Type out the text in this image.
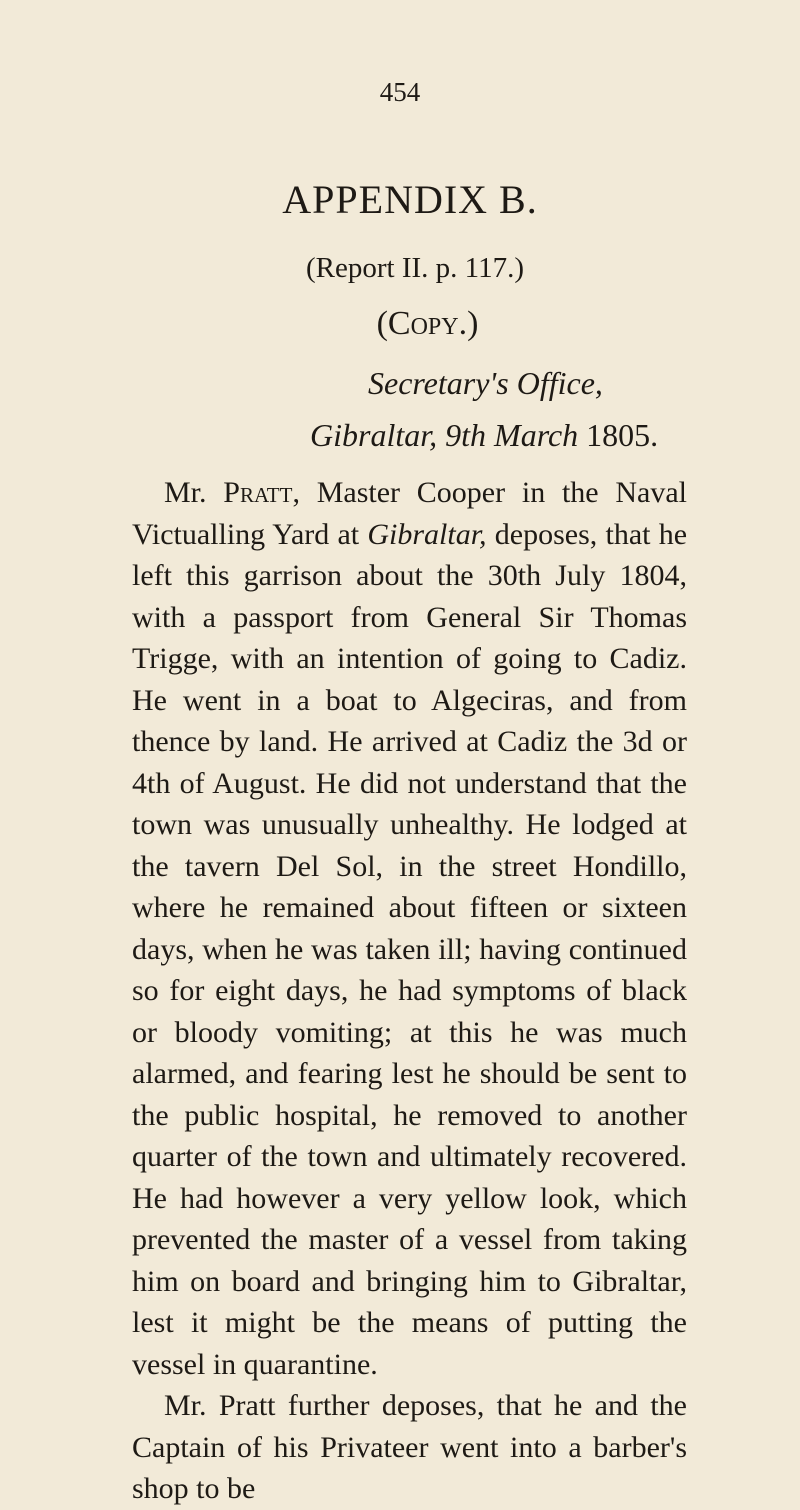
454
APPENDIX B.
(Report II. p. 117.)
(Copy.)
Secretary's Office,
Gibraltar, 9th March 1805.

Mr. Pratt, Master Cooper in the Naval Victualling Yard at Gibraltar, deposes, that he left this garrison about the 30th July 1804, with a passport from General Sir Thomas Trigge, with an intention of going to Cadiz. He went in a boat to Algeciras, and from thence by land. He arrived at Cadiz the 3d or 4th of August. He did not understand that the town was unusually unhealthy. He lodged at the tavern Del Sol, in the street Hondillo, where he remained about fifteen or sixteen days, when he was taken ill; having continued so for eight days, he had symptoms of black or bloody vomiting; at this he was much alarmed, and fearing lest he should be sent to the public hospital, he removed to another quarter of the town and ultimately recovered. He had however a very yellow look, which prevented the master of a vessel from taking him on board and bringing him to Gibraltar, lest it might be the means of putting the vessel in quarantine.

Mr. Pratt further deposes, that he and the Captain of his Privateer went into a barber's shop to be
